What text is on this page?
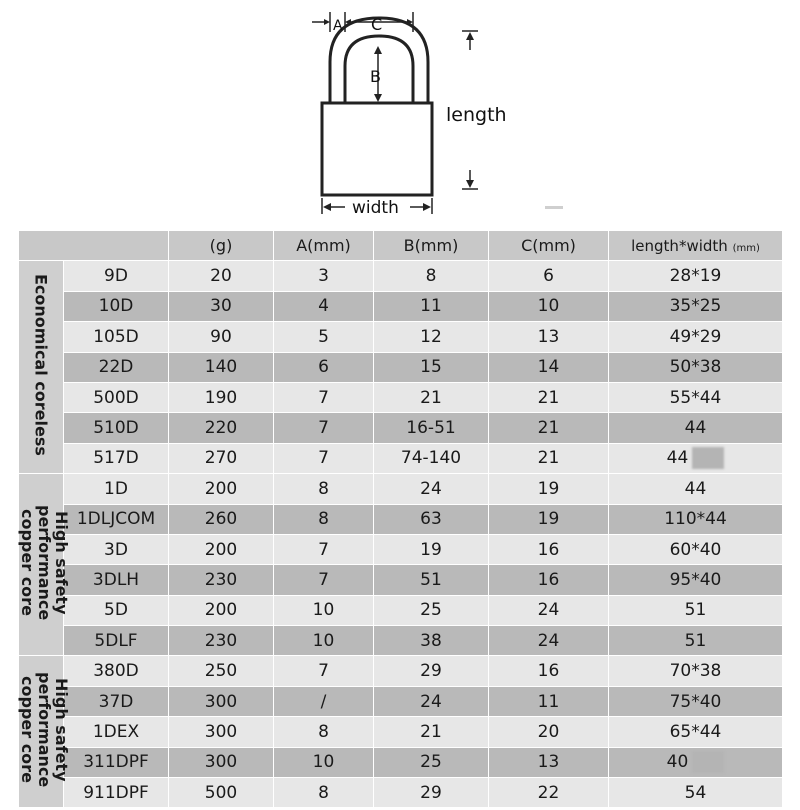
A C
B
length
width
		(g)	A(mm)	B(mm)	C(mm)	length*width (mm)
Economical coreless	9D	20	3	8	6	28*19
	10D	30	4	11	10	35*25
	105D	90	5	12	13	49*29
	22D	140	6	15	14	50*38
	500D	190	7	21	21	55*44
	510D	220	7	16-51	21	44
	517D	270	7	74-140	21	44
High safety performance copper core	1D	200	8	24	19	44
	1DLJCOM	260	8	63	19	110*44
	3D	200	7	19	16	60*40
	3DLH	230	7	51	16	95*40
	5D	200	10	25	24	51
	5DLF	230	10	38	24	51
High safety performance copper core	380D	250	7	29	16	70*38
	37D	300	/	24	11	75*40
	1DEX	300	8	21	20	65*44
	311DPF	300	10	25	13	40
	911DPF	500	8	29	22	54
